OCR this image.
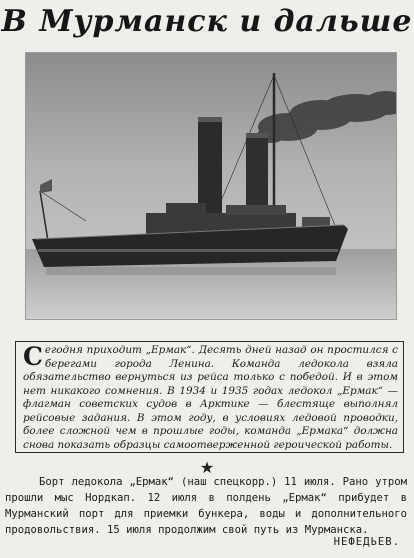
В Мурманск и дальше
Сегодня приходит „Ермак“. Десять дней назад он простился с берегами города Ленина. Команда ледокола взяла обязательство вернуться из рейса только с победой. И в этом нет никакого сомнения. В 1934 и 1935 годах ледокол „Ермак“ — флагман советских судов в Арктике — блестяще выполнял рейсовые задания. В этом году, в условиях ледовой проводки, более сложной чем в прошлые годы, команда „Ермака“ должна снова показать образцы самоотверженной героической работы.
★

Борт ледокола „Ермак“ (наш спецкорр.) 11 июля. Рано утром прошли мыс Нордкап. 12 июля в полдень „Ермак“ прибудет в Мурманский порт для приемки бункера, воды и дополнительного продовольствия. 15 июля продолжим свой путь из Мурманска.

НЕФЕДЬЕВ.
